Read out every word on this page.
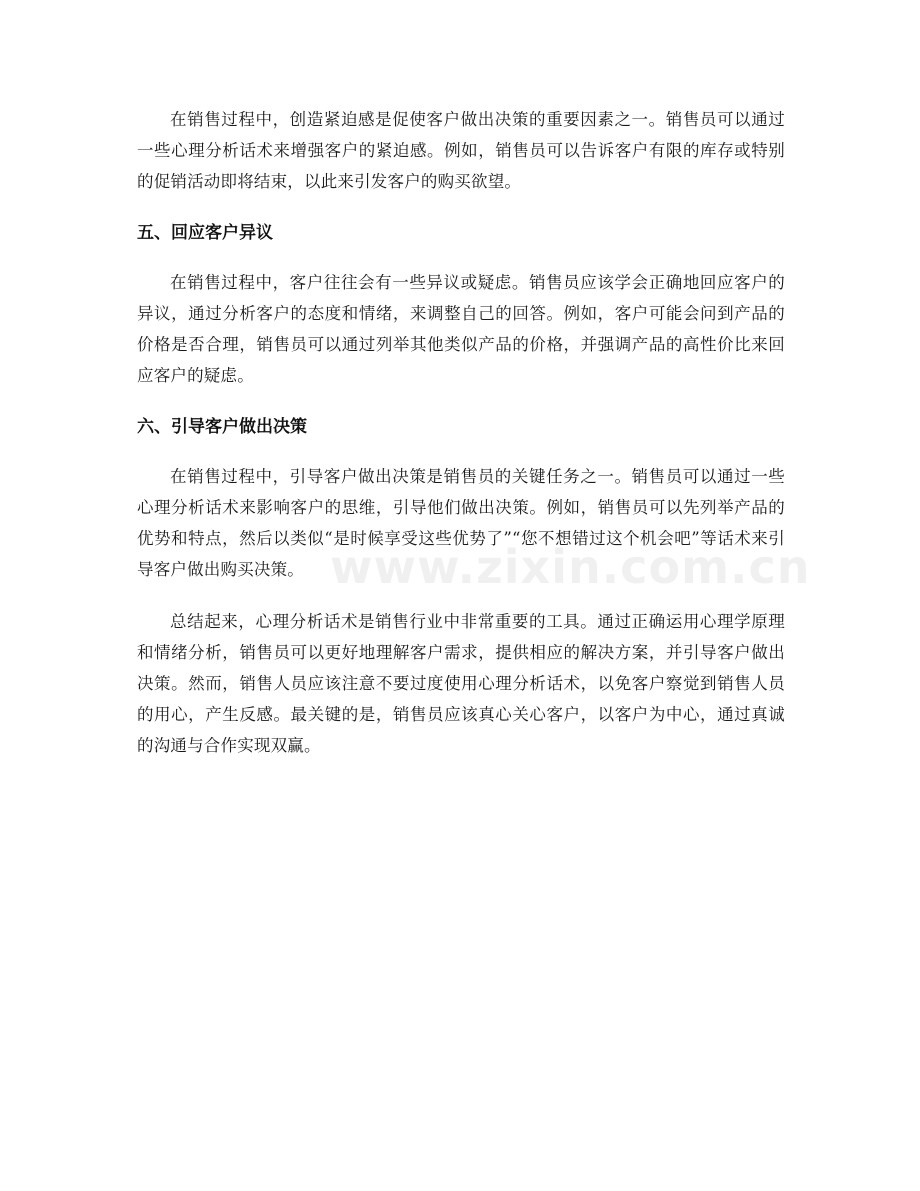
在销售过程中，创造紧迫感是促使客户做出决策的重要因素之一。销售员可以通过一些心理分析话术来增强客户的紧迫感。例如，销售员可以告诉客户有限的库存或特别的促销活动即将结束，以此来引发客户的购买欲望。

五、回应客户异议

在销售过程中，客户往往会有一些异议或疑虑。销售员应该学会正确地回应客户的异议，通过分析客户的态度和情绪，来调整自己的回答。例如，客户可能会问到产品的价格是否合理，销售员可以通过列举其他类似产品的价格，并强调产品的高性价比来回应客户的疑虑。

六、引导客户做出决策

在销售过程中，引导客户做出决策是销售员的关键任务之一。销售员可以通过一些心理分析话术来影响客户的思维，引导他们做出决策。例如，销售员可以先列举产品的优势和特点，然后以类似“是时候享受这些优势了”“您不想错过这个机会吧”等话术来引导客户做出购买决策。

总结起来，心理分析话术是销售行业中非常重要的工具。通过正确运用心理学原理和情绪分析，销售员可以更好地理解客户需求，提供相应的解决方案，并引导客户做出决策。然而，销售人员应该注意不要过度使用心理分析话术，以免客户察觉到销售人员的用心，产生反感。最关键的是，销售员应该真心关心客户，以客户为中心，通过真诚的沟通与合作实现双赢。

www.zixin.com.cn
